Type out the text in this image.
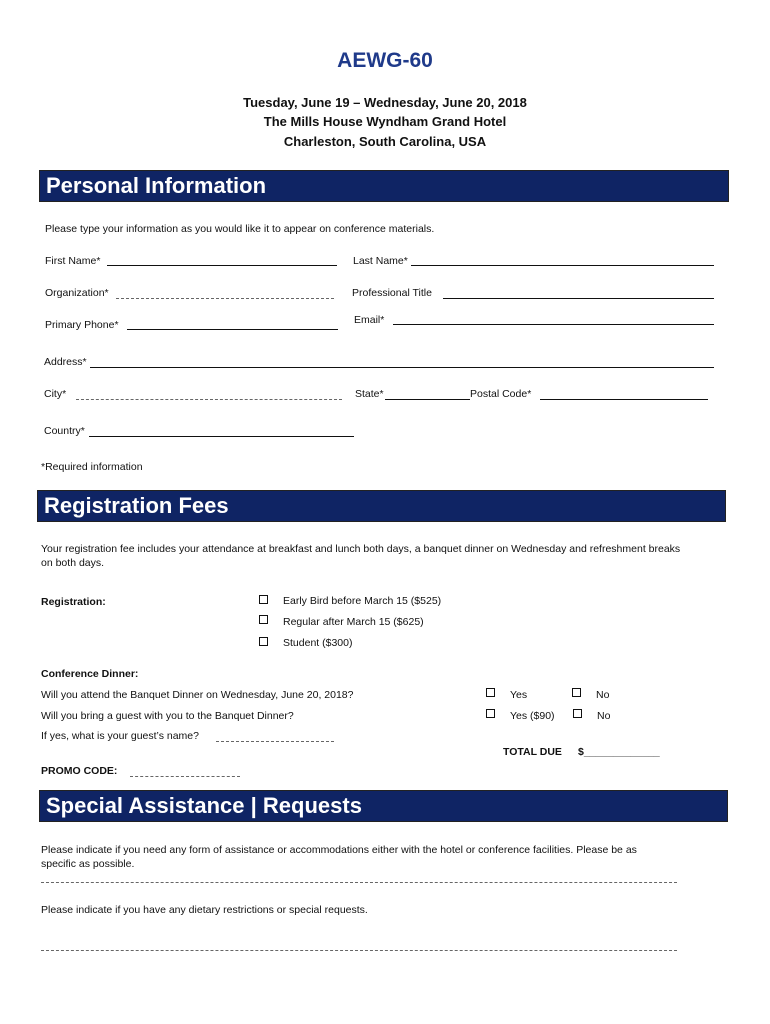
AEWG-60
Tuesday, June 19 – Wednesday, June 20, 2018
The Mills House Wyndham Grand Hotel
Charleston, South Carolina, USA
Personal Information
Please type your information as you would like it to appear on conference materials.
First Name*	Last Name*
Organization*	Professional Title
Primary Phone*	Email*
Address*
City*	State*	Postal Code*
Country*
*Required information
Registration Fees
Your registration fee includes your attendance at breakfast and lunch both days, a banquet dinner on Wednesday and refreshment breaks
on both days.
Registration:	Early Bird before March 15 ($525)
Regular after March 15 ($625)
Student ($300)
Conference Dinner:
Will you attend the Banquet Dinner on Wednesday, June 20, 2018?	Yes	No
Will you bring a guest with you to the Banquet Dinner?	Yes ($90)	No
If yes, what is your guest’s name?
TOTAL DUE $_____________
PROMO CODE:
Special Assistance | Requests
Please indicate if you need any form of assistance or accommodations either with the hotel or conference facilities. Please be as
specific as possible.
Please indicate if you have any dietary restrictions or special requests.
